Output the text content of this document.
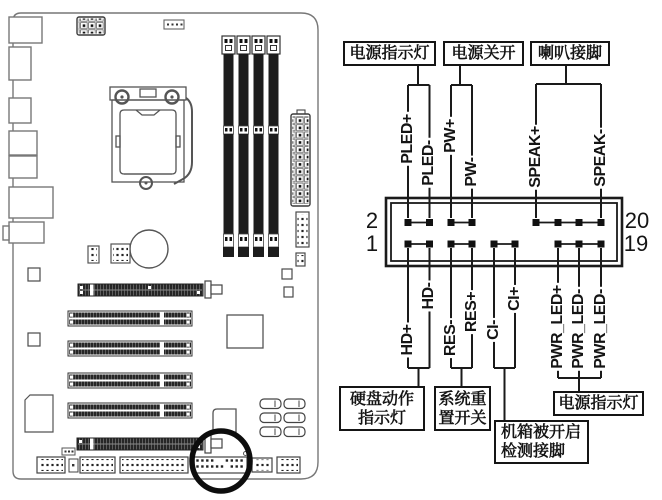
电源指示灯	电源关开	喇叭接脚
PLED+ PLED-
PW+
PW-	SPEAK+	SPEAK-
2
1
20
19
HD+
HD-
RES-
RES+ CI-
CI+ PWR_LED+ PWR_LED- PWR_LED-
硬盘动作
指示灯
系统重
置开关
机箱被开启
检测接脚
电源指示灯
